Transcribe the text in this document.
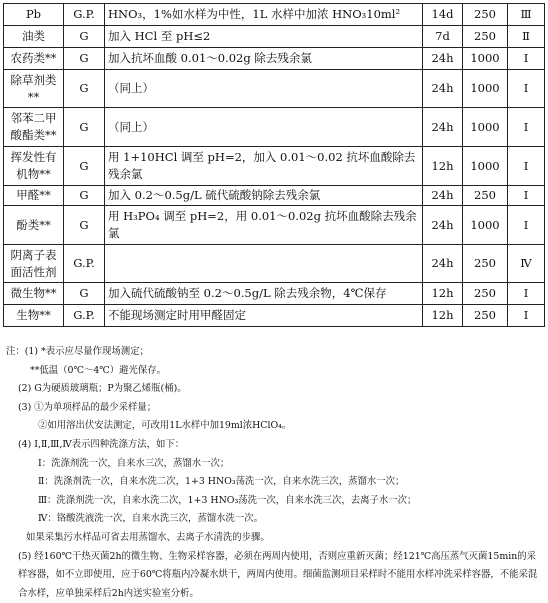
Pb	G.P.	HNO₃，1%如水样为中性，1L 水样中加浓 HNO₃10ml²	14d	250	Ⅲ
油类	G	加入 HCl 至 pH≤2	7d	250	Ⅱ
农药类**	G	加入抗坏血酸 0.01～0.02g 除去残余氯	24h	1000	Ⅰ
除草剂类**	G	（同上）	24h	1000	Ⅰ
邻苯二甲酸酯类**	G	（同上）	24h	1000	Ⅰ
挥发性有机物**	G	用 1+10HCl 调至 pH=2，加入 0.01～0.02 抗坏血酸除去残余氯	12h	1000	Ⅰ
甲醛**	G	加入 0.2～0.5g/L 硫代硫酸钠除去残余氯	24h	250	Ⅰ
酚类**	G	用 H₃PO₄ 调至 pH=2，用 0.01～0.02g 抗坏血酸除去残余氯	24h	1000	Ⅰ
阴离子表面活性剂	G.P.		24h	250	Ⅳ
微生物**	G	加入硫代硫酸钠至 0.2～0.5g/L 除去残余物，4℃保存	12h	250	Ⅰ
生物**	G.P.	不能现场测定时用甲醛固定	12h	250	Ⅰ
注：(1) *表示应尽量作现场测定；
**低温（0℃～4℃）避光保存。
(2) G为硬质玻璃瓶；P为聚乙烯瓶(桶)。
(3) ①为单项样品的最少采样量；
②如用溶出伏安法测定，可改用1L水样中加19ml浓HClO₄。
(4) Ⅰ,Ⅱ,Ⅲ,Ⅳ表示四种洗涤方法，如下：
Ⅰ：洗涤剂洗一次，自来水三次，蒸馏水一次；
Ⅱ：洗涤剂洗一次，自来水洗二次，1+3 HNO₃荡洗一次，自来水洗三次，蒸馏水一次；
Ⅲ：洗涤剂洗一次，自来水洗二次，1+3 HNO₃荡洗一次，自来水洗三次，去离子水一次；
Ⅳ：铬酸洗液洗一次，自来水洗三次，蒸馏水洗一次。
如果采集污水样品可省去用蒸馏水、去离子水清洗的步骤。
(5) 经160℃干热灭菌2h的微生物、生物采样容器，必须在两周内使用，否则应重新灭菌；经121℃高压蒸气灭菌15min的采样容器，如不立即使用，应于60℃将瓶内冷凝水烘干，两周内使用。细菌监测项目采样时不能用水样冲洗采样容器，不能采混合水样，应单独采样后2h内送实验室分析。
